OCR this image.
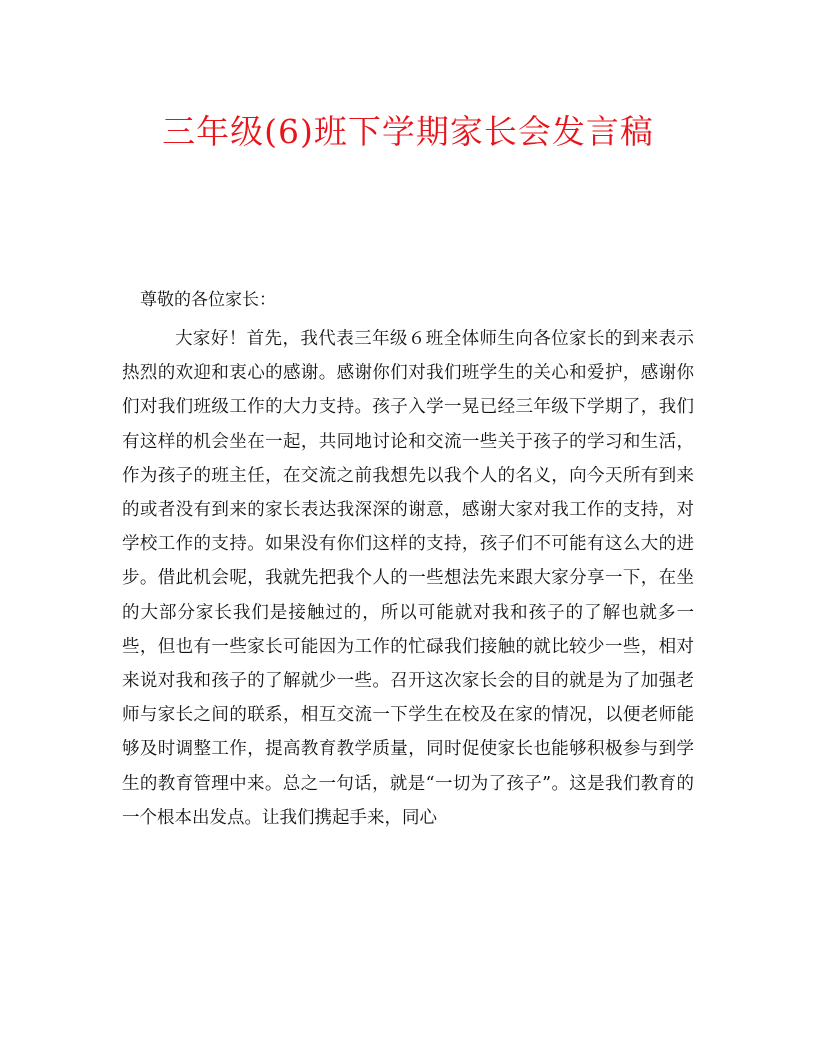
三年级(6)班下学期家长会发言稿
尊敬的各位家长：

大家好！首先，我代表三年级６班全体师生向各位家长的到来表示热烈的欢迎和衷心的感谢。感谢你们对我们班学生的关心和爱护，感谢你们对我们班级工作的大力支持。孩子入学一晃已经三年级下学期了，我们有这样的机会坐在一起，共同地讨论和交流一些关于孩子的学习和生活，作为孩子的班主任，在交流之前我想先以我个人的名义，向今天所有到来的或者没有到来的家长表达我深深的谢意，感谢大家对我工作的支持，对学校工作的支持。如果没有你们这样的支持，孩子们不可能有这么大的进步。借此机会呢，我就先把我个人的一些想法先来跟大家分享一下，在坐的大部分家长我们是接触过的，所以可能就对我和孩子的了解也就多一些，但也有一些家长可能因为工作的忙碌我们接触的就比较少一些，相对来说对我和孩子的了解就少一些。召开这次家长会的目的就是为了加强老师与家长之间的联系，相互交流一下学生在校及在家的情况，以便老师能够及时调整工作，提高教育教学质量，同时促使家长也能够积极参与到学生的教育管理中来。总之一句话，就是“一切为了孩子”。这是我们教育的一个根本出发点。让我们携起手来，同心
